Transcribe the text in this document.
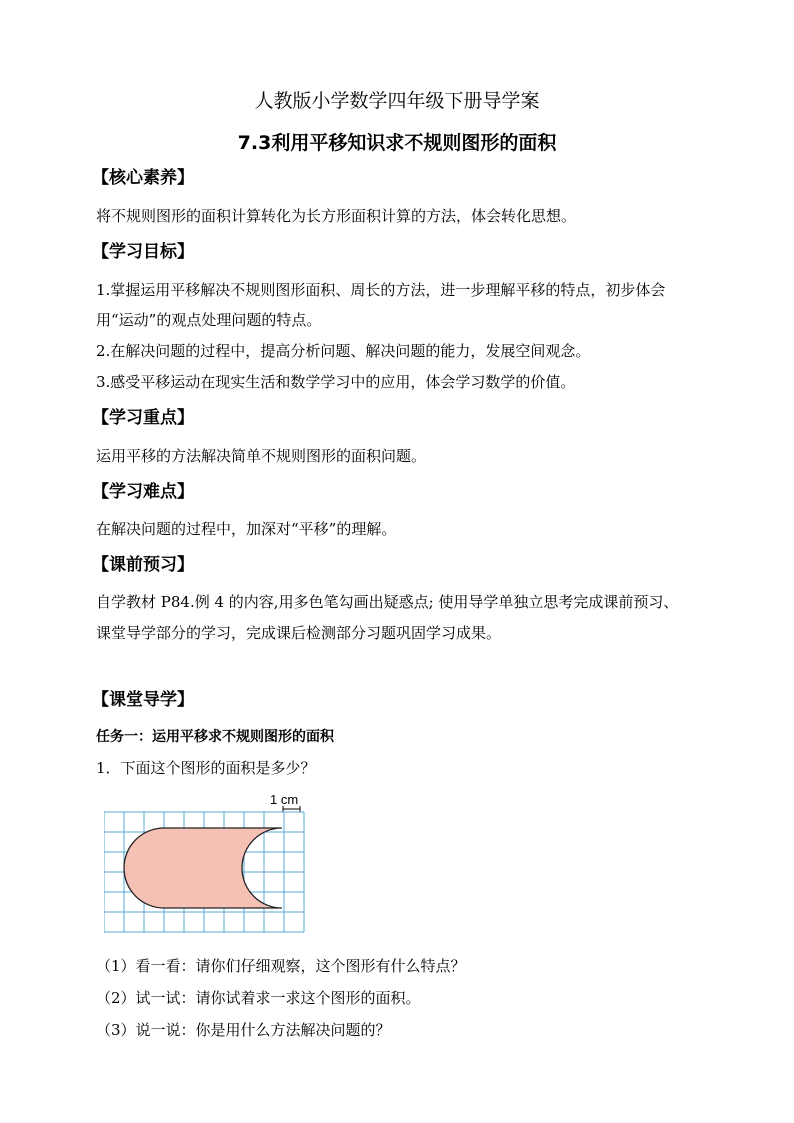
人教版小学数学四年级下册导学案
7.3利用平移知识求不规则图形的面积
【核心素养】
将不规则图形的面积计算转化为长方形面积计算的方法，体会转化思想。
【学习目标】
1.掌握运用平移解决不规则图形面积、周长的方法，进一步理解平移的特点，初步体会
用“运动”的观点处理问题的特点。
2.在解决问题的过程中，提高分析问题、解决问题的能力，发展空间观念。
3.感受平移运动在现实生活和数学学习中的应用，体会学习数学的价值。
【学习重点】
运用平移的方法解决简单不规则图形的面积问题。
【学习难点】
在解决问题的过程中，加深对“平移”的理解。
【课前预习】
自学教材 P84.例 4 的内容,用多色笔勾画出疑惑点; 使用导学单独立思考完成课前预习、
课堂导学部分的学习，完成课后检测部分习题巩固学习成果。
【课堂导学】
任务一：运用平移求不规则图形的面积
1．下面这个图形的面积是多少？
1 cm
（1）看一看：请你们仔细观察，这个图形有什么特点？
（2）试一试：请你试着求一求这个图形的面积。
（3）说一说：你是用什么方法解决问题的？
